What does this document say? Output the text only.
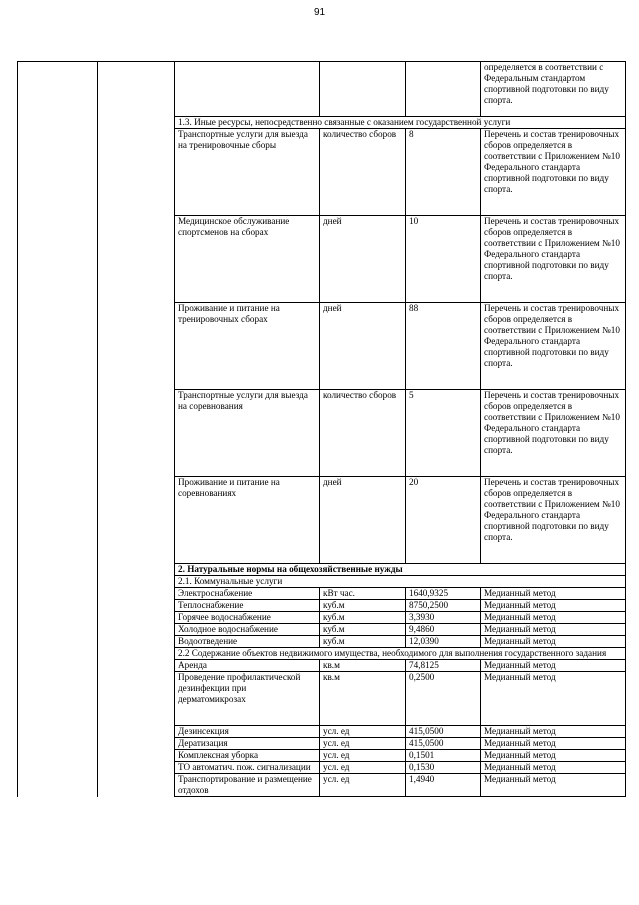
91
					определяется в соответствии с Федеральным стандартом спортивной подготовки по виду спорта.
		1.3. Иные ресурсы, непосредственно связанные с оказанием государственной услуги			
		Транспортные услуги для выезда на тренировочные сборы	количество сборов	8	Перечень и состав тренировочных сборов определяется в соответствии с Приложением №10 Федерального стандарта спортивной подготовки по виду спорта.
		Медицинское обслуживание спортсменов на сборах	дней	10	Перечень и состав тренировочных сборов определяется в соответствии с Приложением №10 Федерального стандарта спортивной подготовки по виду спорта.
		Проживание и питание на тренировочных сборах	дней	88	Перечень и состав тренировочных сборов определяется в соответствии с Приложением №10 Федерального стандарта спортивной подготовки по виду спорта.
		Транспортные услуги для выезда на соревнования	количество сборов	5	Перечень и состав тренировочных сборов определяется в соответствии с Приложением №10 Федерального стандарта спортивной подготовки по виду спорта.
		Проживание и питание на соревнованиях	дней	20	Перечень и состав тренировочных сборов определяется в соответствии с Приложением №10 Федерального стандарта спортивной подготовки по виду спорта.
		2. Натуральные нормы на общехозяйственные нужды			
		2.1. Коммунальные услуги			
		Электроснабжение	кВт час.	1640,9325	Медианный метод
		Теплоснабжение	куб.м	8750,2500	Медианный метод
		Горячее водоснабжение	куб.м	3,3930	Медианный метод
		Холодное водоснабжение	куб.м	9,4860	Медианный метод
		Водоотведение	куб.м	12,0390	Медианный метод
		2.2 Содержание объектов недвижимого имущества, необходимого для выполнения государственного задания			
		Аренда	кв.м	74,8125	Медианный метод
		Проведение профилактической дезинфекции при дерматомикрозах	кв.м	0,2500	Медианный метод
		Дезинсекция	усл. ед	415,0500	Медианный метод
		Дератизация	усл. ед	415,0500	Медианный метод
		Комплексная уборка	усл. ед	0,1501	Медианный метод
		ТО автоматич. пож. сигнализации	усл. ед	0,1530	Медианный метод
		Транспортирование и размещение отдохов	усл. ед	1,4940	Медианный метод
